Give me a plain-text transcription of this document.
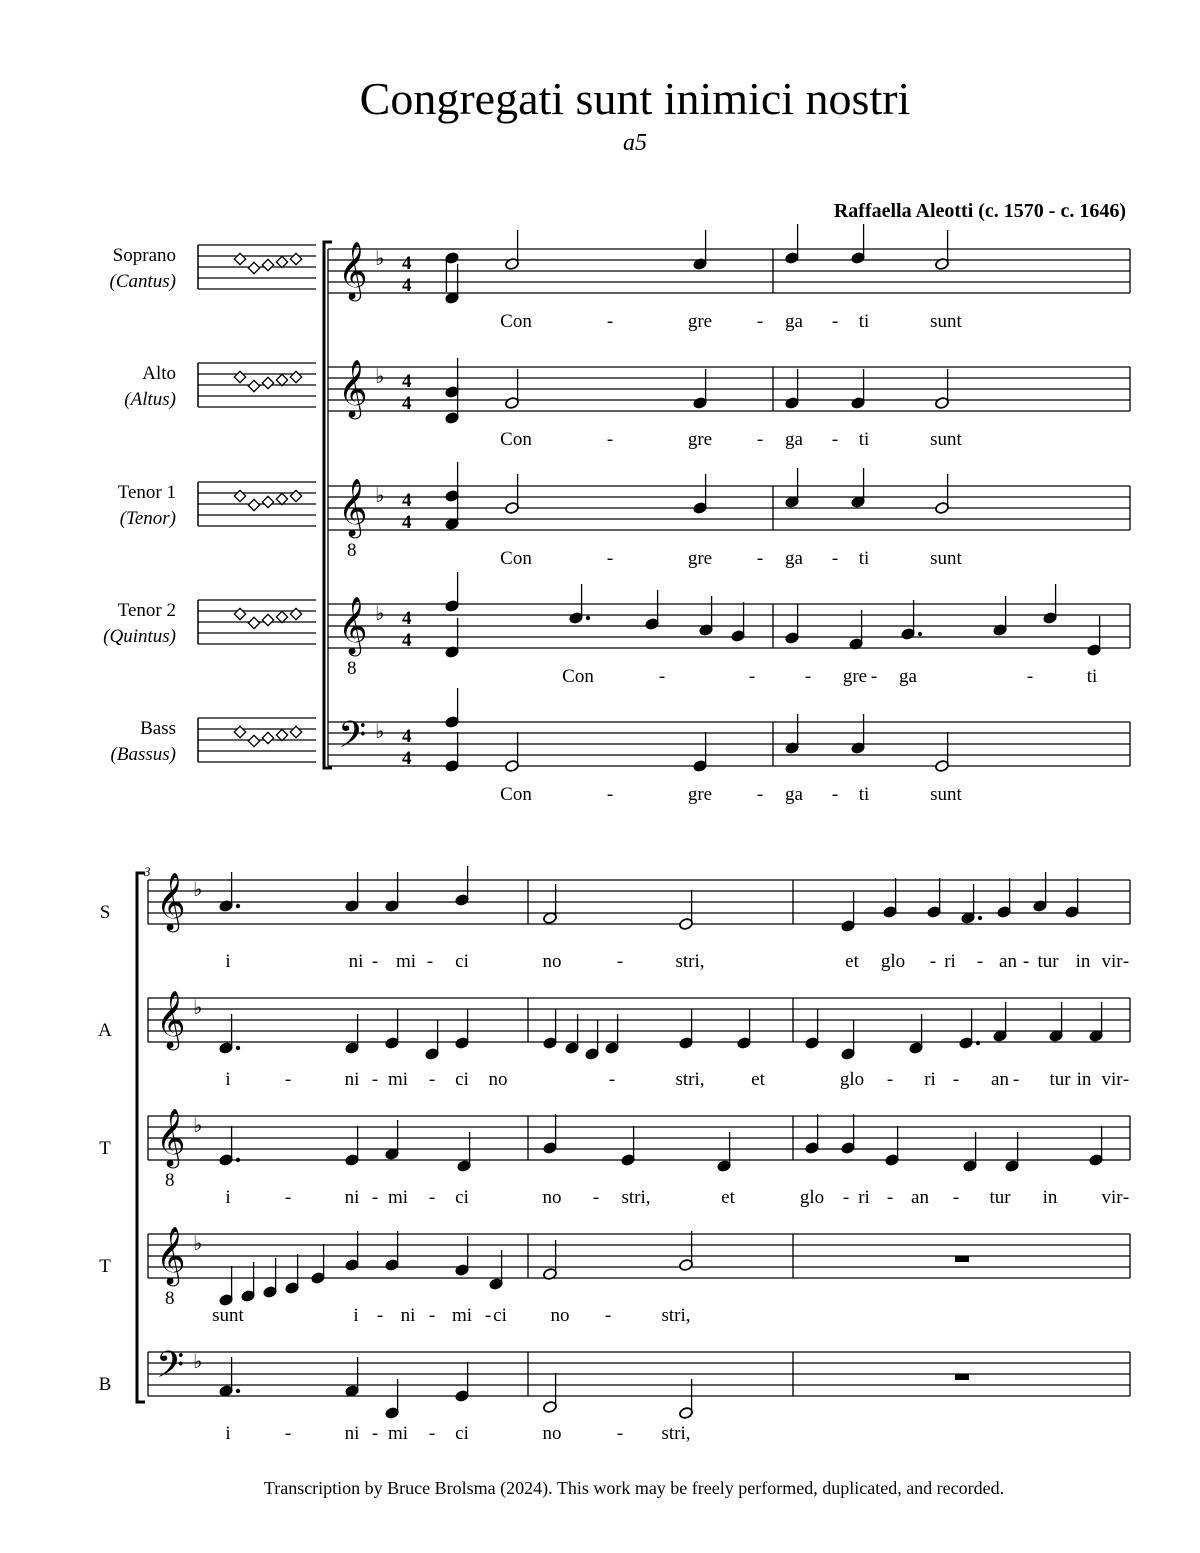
Congregati sunt inimici nostri
a5
Raffaella Aleotti (c. 1570 - c. 1646)
Transcription by Bruce Brolsma (2024). This work may be freely performed, duplicated, and recorded.
Soprano
(Cantus)	𝄞 ♭ 4
4
Con	-	gre - ga - ti	sunt
Alto
(Altus)	𝄞 ♭ 4
4
Con	-	gre - ga - ti	sunt
Tenor 1
(Tenor)	𝄞
8
♭ 4
4
Con	-	gre - ga - ti	sunt
Tenor 2
(Quintus)	𝄞
8
♭ 4
4
Con	-	-	- gre - ga	-	ti
Bass
(Bassus)	𝄢 ♭ 4
4
Con	-	gre - ga - ti	sunt
3
S 𝄞 ♭
i	ni - mi - ci	no	-	stri,	et glo - ri - an - tur in vir -
A 𝄞 ♭
i	-	ni - mi - ci no	-	stri, et	glo - ri - an - tur in vir -
T 𝄞
8
♭
i	-	ni - mi - ci	no - stri,	et	glo - ri - an - tur in vir -
T 𝄞
8
♭
sunt	i - ni - mi - ci no -	stri,
B 𝄢 ♭
i	-	ni - mi - ci	no	- stri,
